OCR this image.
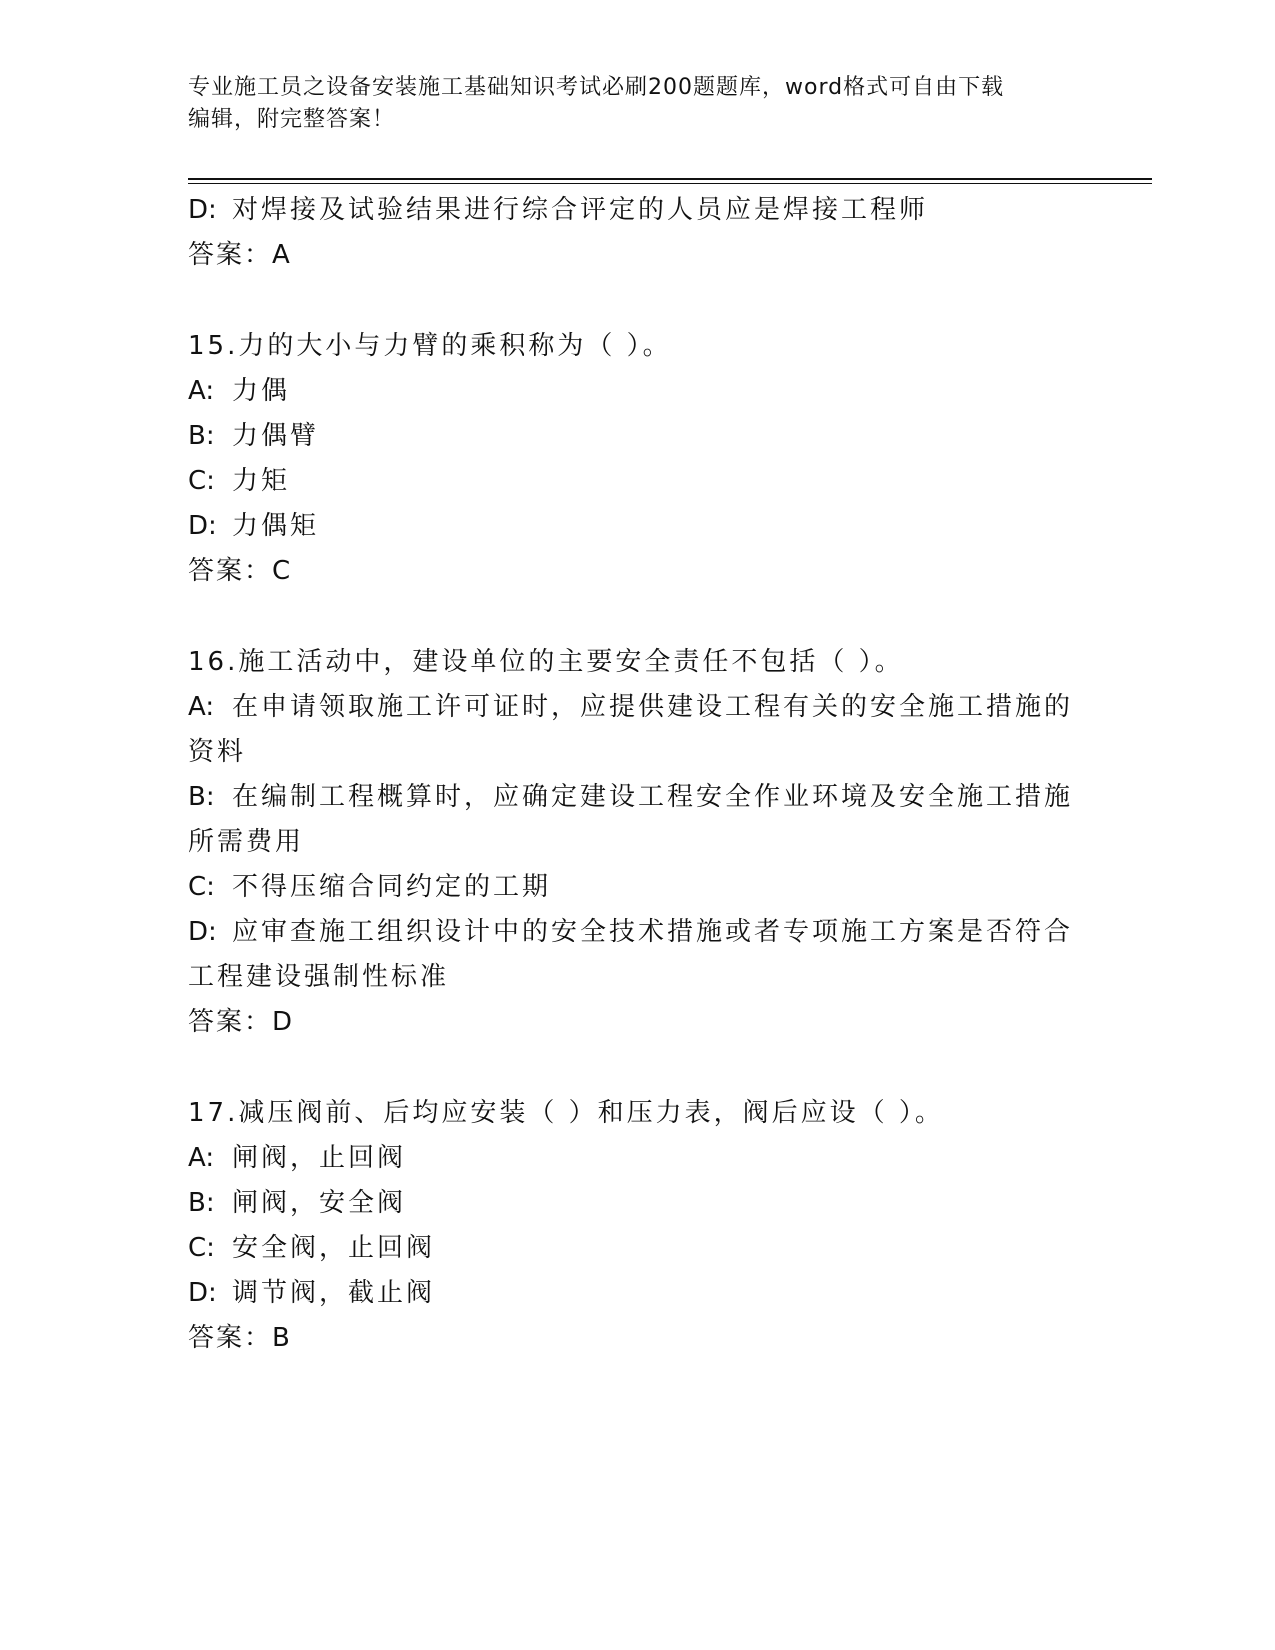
专业施工员之设备安装施工基础知识考试必刷200题题库，word格式可自由下载
编辑，附完整答案！

D: 对焊接及试验结果进行综合评定的人员应是焊接工程师

答案：A

15.力的大小与力臂的乘积称为（ ）。

A: 力偶

B: 力偶臂

C: 力矩

D: 力偶矩

答案：C

16.施工活动中，建设单位的主要安全责任不包括（ ）。

A: 在申请领取施工许可证时，应提供建设工程有关的安全施工措施的

资料

B: 在编制工程概算时，应确定建设工程安全作业环境及安全施工措施

所需费用

C: 不得压缩合同约定的工期

D: 应审查施工组织设计中的安全技术措施或者专项施工方案是否符合

工程建设强制性标准

答案：D

17.减压阀前、后均应安装（ ）和压力表，阀后应设（ ）。

A: 闸阀，止回阀

B: 闸阀，安全阀

C: 安全阀，止回阀

D: 调节阀，截止阀

答案：B
